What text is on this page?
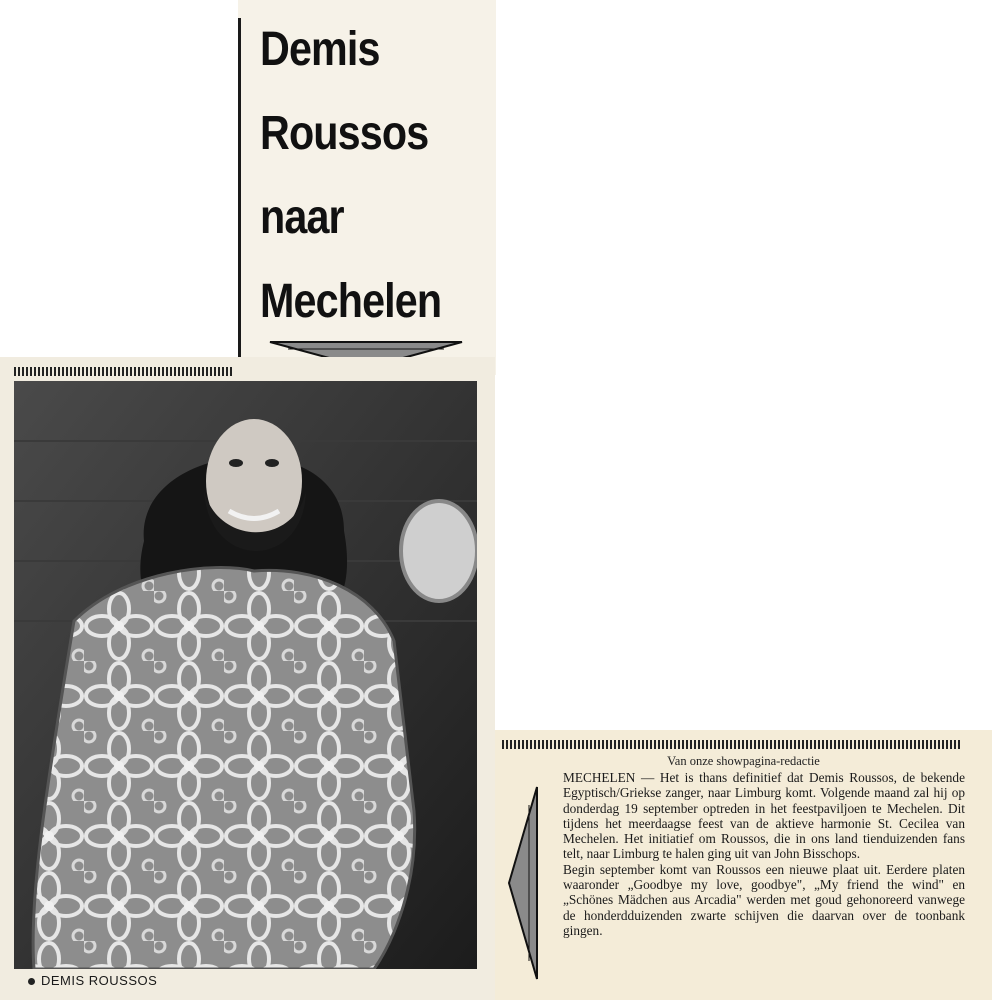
Demis
Roussos
naar
Mechelen
DEMIS ROUSSOS
Van onze showpagina-redactie

MECHELEN — Het is thans definitief dat Demis Roussos, de bekende Egyptisch/Griekse zanger, naar Limburg komt. Volgende maand zal hij op donderdag 19 september optreden in het feestpaviljoen te Mechelen. Dit tijdens het meerdaagse feest van de aktieve harmonie St. Cecilea van Mechelen. Het initiatief om Roussos, die in ons land tienduizenden fans telt, naar Limburg te halen ging uit van John Bisschops.

Begin september komt van Roussos een nieuwe plaat uit. Eerdere platen waaronder „Goodbye my love, goodbye", „My friend the wind" en „Schönes Mädchen aus Arcadia" werden met goud gehonoreerd vanwege de honderdduizenden zwarte schijven die daarvan over de toonbank gingen.
